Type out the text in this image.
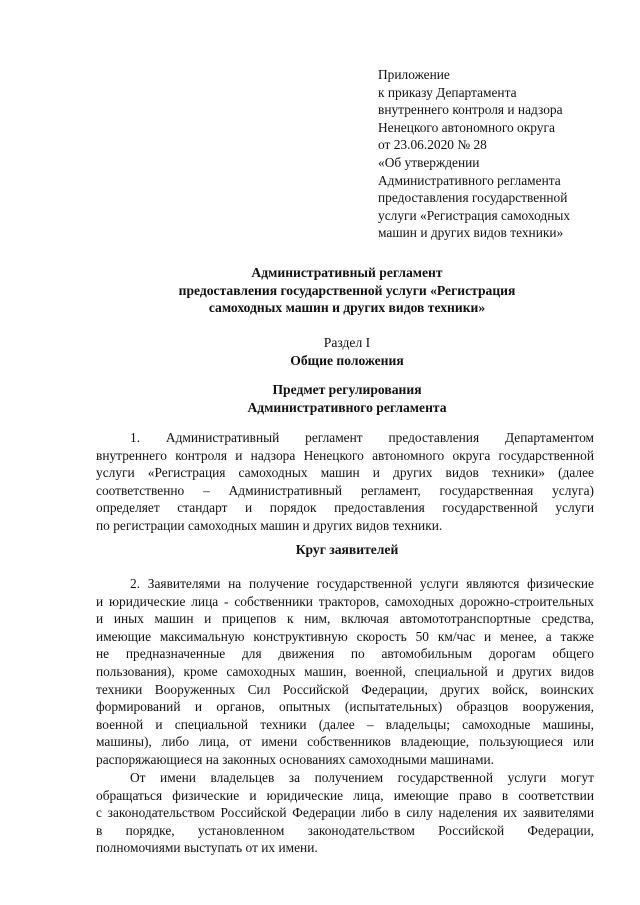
Приложение
к приказу Департамента
внутреннего контроля и надзора
Ненецкого автономного округа
от 23.06.2020 № 28
«Об утверждении
Административного регламента
предоставления государственной
услуги «Регистрация самоходных
машин и других видов техники»
Административный регламент
предоставления государственной услуги «Регистрация
самоходных машин и других видов техники»
Раздел I
Общие положения
Предмет регулирования
Административного регламента
1. Административный регламент предоставления Департаментом
внутреннего контроля и надзора Ненецкого автономного округа государственной
услуги «Регистрация самоходных машин и других видов техники» (далее
соответственно – Административный регламент, государственная услуга)
определяет стандарт и порядок предоставления государственной услуги
по регистрации самоходных машин и других видов техники.
Круг заявителей
2. Заявителями на получение государственной услуги являются физические
и юридические лица - собственники тракторов, самоходных дорожно-строительных
и иных машин и прицепов к ним, включая автомототранспортные средства,
имеющие максимальную конструктивную скорость 50 км/час и менее, а также
не предназначенные для движения по автомобильным дорогам общего
пользования), кроме самоходных машин, военной, специальной и других видов
техники Вооруженных Сил Российской Федерации, других войск, воинских
формирований и органов, опытных (испытательных) образцов вооружения,
военной и специальной техники (далее – владельцы; самоходные машины,
машины), либо лица, от имени собственников владеющие, пользующиеся или
распоряжающиеся на законных основаниях самоходными машинами.
От имени владельцев за получением государственной услуги могут
обращаться физические и юридические лица, имеющие право в соответствии
с законодательством Российской Федерации либо в силу наделения их заявителями
в порядке, установленном законодательством Российской Федерации,
полномочиями выступать от их имени.
